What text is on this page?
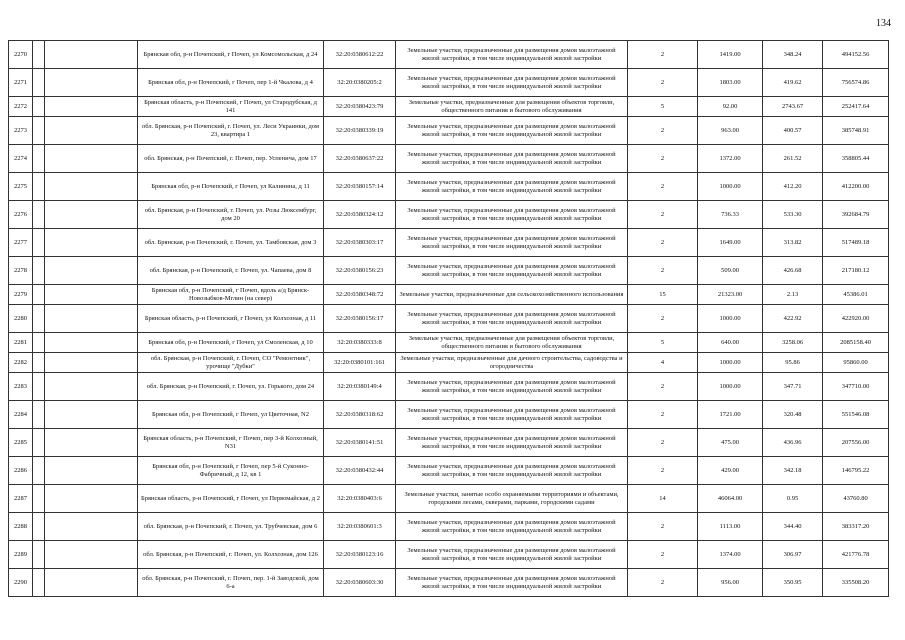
134
2270			Брянская обл, р-н Почепский, г Почеп, ул Комсомольская, д 24	32:20:0380612:22	Земельные участки, предназначенные для размещения домов малоэтажной жилой застройки, в том числе индивидуальной жилой застройки	2	1419.00	348.24	494152.56
2271			Брянская обл, р-н Почепский, г Почеп, пер 1-й Чкалова, д 4	32:20:0380205:2	Земельные участки, предназначенные для размещения домов малоэтажной жилой застройки, в том числе индивидуальной жилой застройки	2	1803.00	419.62	756574.86
2272			Брянская область, р-н Почепский, г Почеп, ул Стародубская, д 141	32:20:0380423:79	Земельные участки, предназначенные для размещения объектов торговли, общественного питания и бытового обслуживания	5	92.00	2743.67	252417.64
2273			обл. Брянская, р-н Почепский, г. Почеп, ул. Леси Украинки, дом 23, квартира 1	32:20:0380339:19	Земельные участки, предназначенные для размещения домов малоэтажной жилой застройки, в том числе индивидуальной жилой застройки	2	963.00	400.57	385748.91
2274			обл. Брянская, р-н Почепский, г. Почеп, пер. Успенича, дом 17	32:20:0380637:22	Земельные участки, предназначенные для размещения домов малоэтажной жилой застройки, в том числе индивидуальной жилой застройки	2	1372.00	261.52	358805.44
2275			Брянская обл, р-н Почепский, г Почеп, ул Калинина, д 11	32:20:0380157:14	Земельные участки, предназначенные для размещения домов малоэтажной жилой застройки, в том числе индивидуальной жилой застройки	2	1000.00	412.20	412200.00
2276			обл. Брянская, р-н Почепский, г. Почеп, ул. Розы Люксембург, дом 20	32:20:0380324:12	Земельные участки, предназначенные для размещения домов малоэтажной жилой застройки, в том числе индивидуальной жилой застройки	2	736.33	533.30	392684.79
2277			обл. Брянская, р-н Почепский, г. Почеп, ул. Тамбовская, дом 3	32:20:0380303:17	Земельные участки, предназначенные для размещения домов малоэтажной жилой застройки, в том числе индивидуальной жилой застройки	2	1649.00	313.82	517489.18
2278			обл. Брянская, р-н Почепский, г. Почеп, ул. Чапаева, дом 8	32:20:0380156:23	Земельные участки, предназначенные для размещения домов малоэтажной жилой застройки, в том числе индивидуальной жилой застройки	2	509.00	426.68	217180.12
2279			Брянская обл, р-н Почепский, г Почеп, вдоль а/д Брянск-Новозыбков-Мглин (на север)	32:20:0380348:72	Земельные участки, предназначенные для сельскохозяйственного использования	15	21323.00	2.13	45386.01
2280			Брянская область, р-н Почепский, г Почеп, ул Колхозная, д 11	32:20:0380156:17	Земельные участки, предназначенные для размещения домов малоэтажной жилой застройки, в том числе индивидуальной жилой застройки	2	1000.00	422.92	422920.00
2281			Брянская обл, р-н Почепский, г Почеп, ул Смоленская, д 10	32:20:0380333:8	Земельные участки, предназначенные для размещения объектов торговли, общественного питания и бытового обслуживания	5	640.00	3258.06	2085158.40
2282			обл. Брянская, р-н Почепский, г. Почеп, СО "Ремонтник", урочище "Дубки"	32:20:0380101:161	Земельные участки, предназначенные для дачного строительства, садоводства и огородничества	4	1000.00	95.86	95860.00
2283			обл. Брянская, р-н Почепский, г. Почеп, ул. Горького, дом 24	32:20:0380149:4	Земельные участки, предназначенные для размещения домов малоэтажной жилой застройки, в том числе индивидуальной жилой застройки	2	1000.00	347.71	347710.00
2284			Брянская обл, р-н Почепский, г Почеп, ул Цветочная, N2	32:20:0380318:62	Земельные участки, предназначенные для размещения домов малоэтажной жилой застройки, в том числе индивидуальной жилой застройки	2	1721.00	320.48	551546.08
2285			Брянская область, р-н Почепский, г Почеп, пер 3-й Колхозный, N31	32:20:0380141:51	Земельные участки, предназначенные для размещения домов малоэтажной жилой застройки, в том числе индивидуальной жилой застройки	2	475.00	436.96	207556.00
2286			Брянская обл, р-н Почепский, г Почеп, пер 5-й Суконно-Фабричный, д 12, кв 1	32:20:0380432:44	Земельные участки, предназначенные для размещения домов малоэтажной жилой застройки, в том числе индивидуальной жилой застройки	2	429.00	342.18	146795.22
2287			Брянская область, р-н Почепский, г Почеп, ул Первомайская, д 2	32:20:0380403:6	Земельные участки, занятые особо охраняемыми территориями и объектами, городскими лесами, скверами, парками, городскими садами	14	46064.00	0.95	43760.80
2288			обл. Брянская, р-н Почепский, г. Почеп, ул. Трубчевская, дом 6	32:20:0380601:3	Земельные участки, предназначенные для размещения домов малоэтажной жилой застройки, в том числе индивидуальной жилой застройки	2	1113.00	344.40	383317.20
2289			обл. Брянская, р-н Почепский, г. Почеп, ул. Колхозная, дом 126	32:20:0380123:16	Земельные участки, предназначенные для размещения домов малоэтажной жилой застройки, в том числе индивидуальной жилой застройки	2	1374.00	306.97	421776.78
2290			обл. Брянская, р-н Почепский, г. Почеп, пер. 1-й Заводской, дом 6-а	32:20:0380603:30	Земельные участки, предназначенные для размещения домов малоэтажной жилой застройки, в том числе индивидуальной жилой застройки	2	956.00	350.95	335508.20
